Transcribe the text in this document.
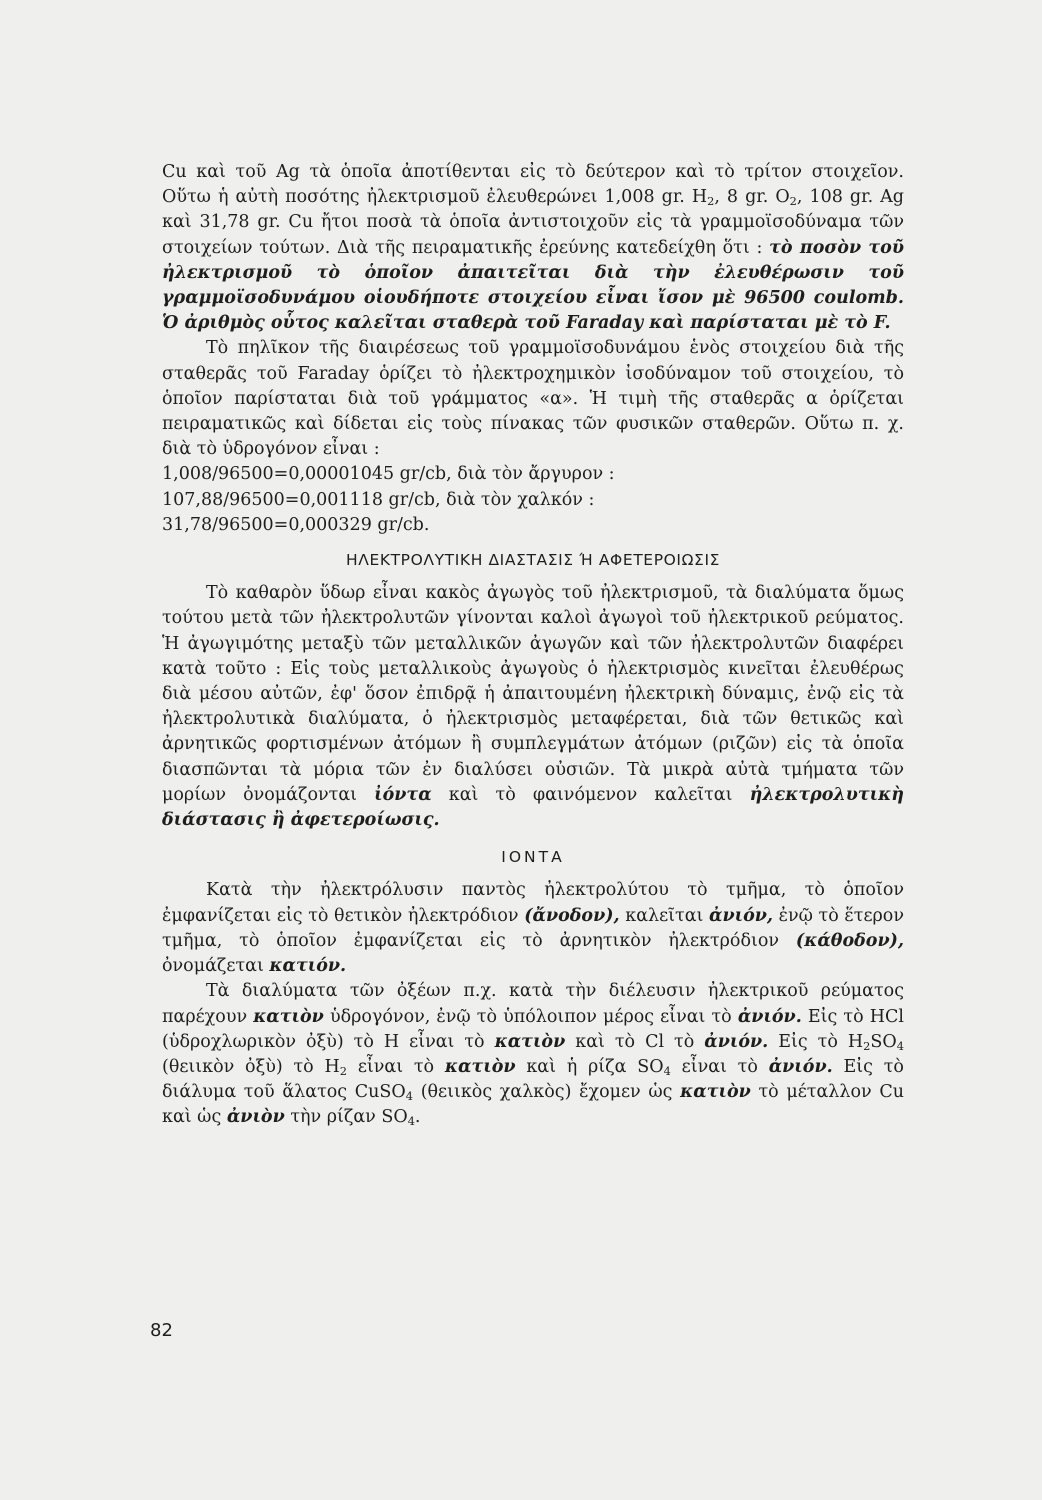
Cu καὶ τοῦ Ag τὰ ὁποῖα ἀποτίθενται εἰς τὸ δεύτερον καὶ τὸ τρίτον στοιχεῖον. Οὕτω ἡ αὐτὴ ποσότης ἠλεκτρισμοῦ ἐλευθερώνει 1,008 gr. $H_2$, 8 gr. $O_2$, 108 gr. Ag καὶ 31,78 gr. Cu ἤτοι ποσὰ τὰ ὁποῖα ἀντιστοιχοῦν εἰς τὰ γραμμοϊσοδύναμα τῶν στοιχείων τούτων. Διὰ τῆς πειραματικῆς ἐρεύνης κατεδείχθη ὅτι : τὸ ποσὸν τοῦ ἠλεκτρισμοῦ τὸ ὁποῖον ἀπαιτεῖται διὰ τὴν ἐλευθέρωσιν τοῦ γραμμοϊσοδυνάμου οἱουδήποτε στοιχείου εἶναι ἴσον μὲ 96500 coulomb. Ὁ ἀριθμὸς οὗτος καλεῖται σταθερὰ τοῦ Faraday καὶ παρίσταται μὲ τὸ F.

Τὸ πηλῖκον τῆς διαιρέσεως τοῦ γραμμοϊσοδυνάμου ἑνὸς στοιχείου διὰ τῆς σταθερᾶς τοῦ Faraday ὁρίζει τὸ ἠλεκτροχημικὸν ἰσοδύναμον τοῦ στοιχείου, τὸ ὁποῖον παρίσταται διὰ τοῦ γράμματος «α». Ἡ τιμὴ τῆς σταθερᾶς α ὁρίζεται πειραματικῶς καὶ δίδεται εἰς τοὺς πίνακας τῶν φυσικῶν σταθερῶν. Οὕτω π. χ. διὰ τὸ ὑδρογόνον εἶναι :

1,008/96500=0,00001045 gr/cb, διὰ τὸν ἄργυρον :

107,88/96500=0,001118 gr/cb, διὰ τὸν χαλκόν :

31,78/96500=0,000329 gr/cb.

ΗΛΕΚΤΡΟΛΥΤΙΚΗ ΔΙΑΣΤΑΣΙΣ Ή ΑΦΕΤΕΡΟΙΩΣΙΣ

Τὸ καθαρὸν ὕδωρ εἶναι κακὸς ἀγωγὸς τοῦ ἠλεκτρισμοῦ, τὰ διαλύματα ὅμως τούτου μετὰ τῶν ἠλεκτρολυτῶν γίνονται καλοὶ ἀγωγοὶ τοῦ ἠλεκτρικοῦ ρεύματος. Ἡ ἀγωγιμότης μεταξὺ τῶν μεταλλικῶν ἀγωγῶν καὶ τῶν ἠλεκτρολυτῶν διαφέρει κατὰ τοῦτο : Εἰς τοὺς μεταλλικοὺς ἀγωγοὺς ὁ ἠλεκτρισμὸς κινεῖται ἐλευθέρως διὰ μέσου αὐτῶν, ἐφ' ὅσον ἐπιδρᾷ ἡ ἀπαιτουμένη ἠλεκτρικὴ δύναμις, ἐνῷ εἰς τὰ ἠλεκτρολυτικὰ διαλύματα, ὁ ἠλεκτρισμὸς μεταφέρεται, διὰ τῶν θετικῶς καὶ ἀρνητικῶς φορτισμένων ἀτόμων ἢ συμπλεγμάτων ἀτόμων (ριζῶν) εἰς τὰ ὁποῖα διασπῶνται τὰ μόρια τῶν ἐν διαλύσει οὐσιῶν. Τὰ μικρὰ αὐτὰ τμήματα τῶν μορίων ὀνομάζονται ἰόντα καὶ τὸ φαινόμενον καλεῖται ἠλεκτρολυτικὴ διάστασις ἢ ἀφετεροίωσις.

ΙΟΝΤΑ

Κατὰ τὴν ἠλεκτρόλυσιν παντὸς ἠλεκτρολύτου τὸ τμῆμα, τὸ ὁποῖον ἐμφανίζεται εἰς τὸ θετικὸν ἠλεκτρόδιον (ἄνοδον), καλεῖται ἀνιόν, ἐνῷ τὸ ἕτερον τμῆμα, τὸ ὁποῖον ἐμφανίζεται εἰς τὸ ἀρνητικὸν ἠλεκτρόδιον (κάθοδον), ὀνομάζεται κατιόν.

Τὰ διαλύματα τῶν ὀξέων π.χ. κατὰ τὴν διέλευσιν ἠλεκτρικοῦ ρεύματος παρέχουν κατιὸν ὑδρογόνον, ἐνῷ τὸ ὑπόλοιπον μέρος εἶναι τὸ ἀνιόν. Εἰς τὸ HCl (ὑδροχλωρικὸν ὀξὺ) τὸ H εἶναι τὸ κατιὸν καὶ τὸ Cl τὸ ἀνιόν. Εἰς τὸ $H_2SO_4$ (θειικὸν ὀξὺ) τὸ $H_2$ εἶναι τὸ κατιὸν καὶ ἡ ρίζα $SO_4$ εἶναι τὸ ἀνιόν. Εἰς τὸ διάλυμα τοῦ ἅλατος CuSO$_4$ (θειικὸς χαλκὸς) ἔχομεν ὡς κατιὸν τὸ μέταλλον Cu καὶ ὡς ἀνιὸν τὴν ρίζαν $SO_4$.

82
